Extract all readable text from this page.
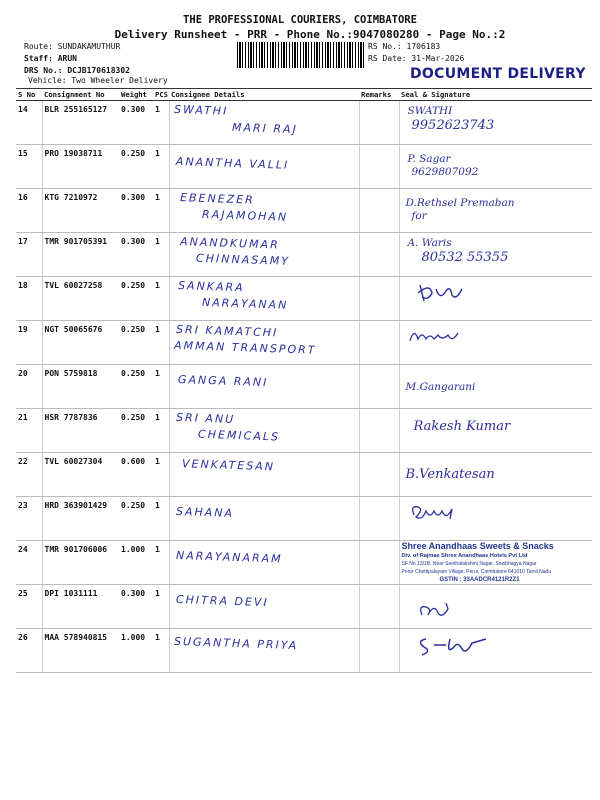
THE PROFESSIONAL COURIERS, COIMBATORE
Delivery Runsheet - PRR - Phone No.:9047080280 - Page No.:2
Route: SUNDAKAMUTHUR
Staff: ARUN
DRS No.: DCJB170618302
Vehicle: Two Wheeler Delivery
RS No.: 1706183
RS Date: 31-Mar-2026
DOCUMENT DELIVERY
S No	Consignment No	Weight	PCS	Consignee Details	Remarks	Seal & Signature
14	BLR 255165127	0.300	1	SWATHI
MARI RAJ		SWATHI
9952623743

15	PRO 19038711	0.250	1	ANANTHA VALLI		P. Sagar
9629807092

16	KTG 7210972	0.300	1	EBENEZER
RAJAMOHAN		D.Rethsel Premaban
for

17	TMR 901705391	0.300	1	ANANDKUMAR
CHINNASAMY		A. Waris
80532 55355

18	TVL 60027258	0.250	1	SANKARA
NARAYANAN

19	NGT 50065676	0.250	1	SRI KAMATCHI
AMMAN TRANSPORT

20	PON 5759818	0.250	1	GANGA RANI		M.Gangarani

21	HSR 7787836	0.250	1	SRI ANU
CHEMICALS		Rakesh Kumar

22	TVL 60027304	0.600	1	VENKATESAN		B.Venkatesan

23	HRD 363901429	0.250	1	SAHANA

24	TMR 901706006	1.000	1	NARAYANARAM		Shree Anandhaas Sweets & Snacks
Div. of Rajmae Shree Anandhaas Hotels Pvt Ltd
SF No 13/1B, Near Seethalakshmi Nagar, Sowbhagya Nagar
Perur Chettipalayam Village, Perur, Coimbatore 641010 Tamil Nadu
GSTIN : 33AADCR4121R2Z1

25	DPI 1031111	0.300	1	CHITRA DEVI

26	MAA 578940815	1.000	1	SUGANTHA PRIYA
